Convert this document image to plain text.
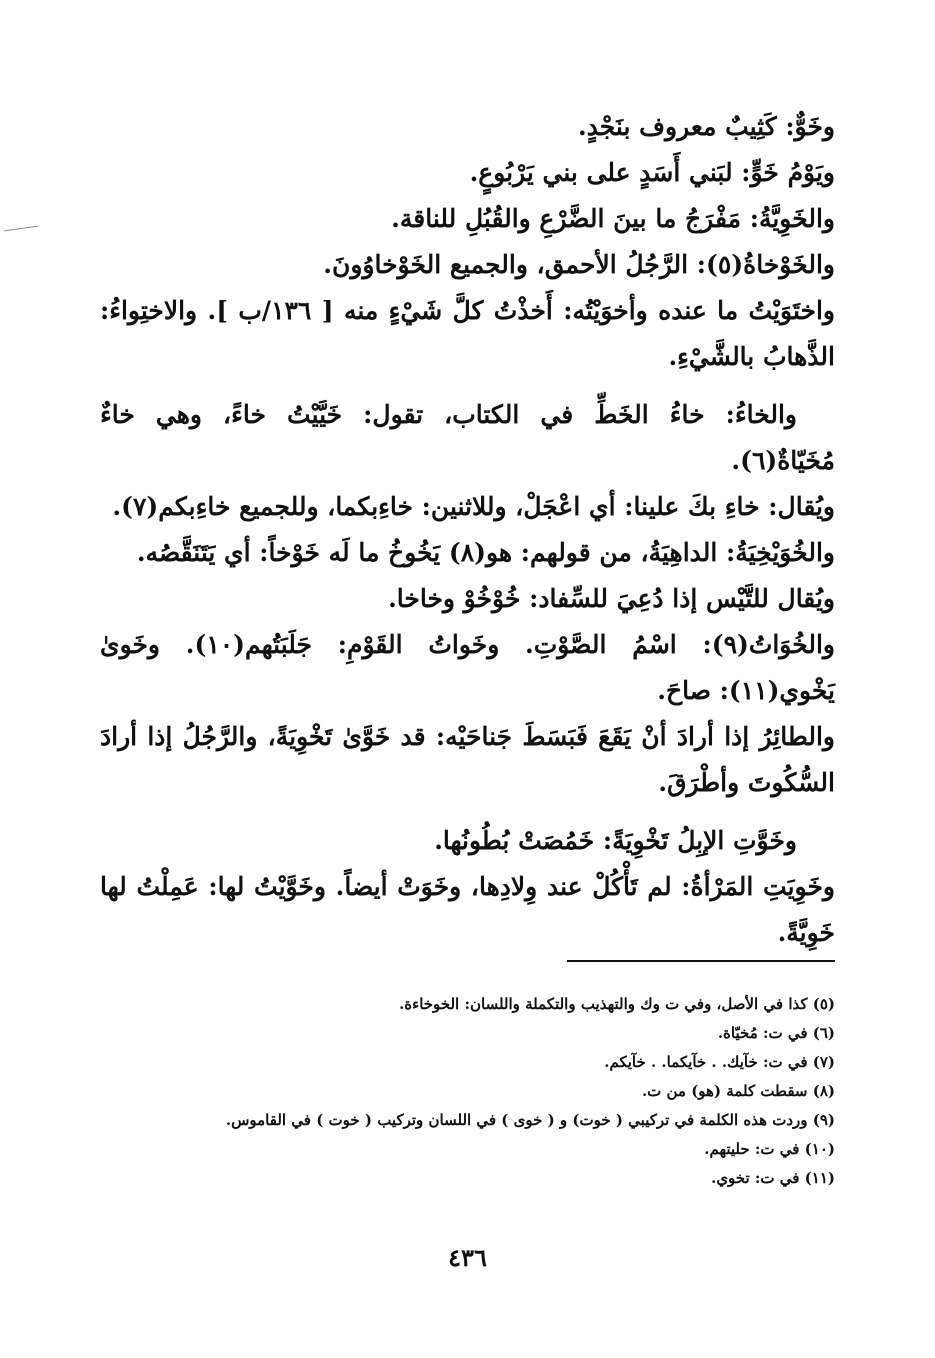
وخَوٌّ: كَثِيبٌ معروف بنَجْدٍ.

ويَوْمُ خَوٍّ: لبَني أَسَدٍ على بني يَرْبُوعٍ.

والخَوِيَّةُ: مَفْرَجُ ما بينَ الضَّرْعِ والقُبُلِ للناقة.

والخَوْخاةُ(٥): الرَّجُلُ الأحمق، والجميع الخَوْخاوُونَ.

واختَوَيْتُ ما عنده وأخوَيْتُه: أَخذْتُ كلَّ شَيْءٍ منه [ ١٣٦/ب ]. والاختِواءُ: الذَّهابُ بالشَّيْءِ.

والخاءُ: خاءُ الخَطِّ في الكتاب، تقول: خَيَّيْتُ خاءً، وهي خاءٌ مُخَيّاةٌ(٦).

ويُقال: خاءِ بكَ علينا: أي اعْجَلْ، وللاثنين: خاءِبكما، وللجميع خاءِبكم(٧).

والخُوَيْخِيَةُ: الداهِيَةُ، من قولهم: هو(٨) يَخُوخُ ما لَه خَوْخاً: أي يَتَنَقَّصُه.

ويُقال للتَّيْس إذا دُعِيَ للسِّفاد: خُوْخُوْ وخاخا.

والخُوَاتُ(٩): اسْمُ الصَّوْتِ. وخَواتُ القَوْمِ: جَلَبَتُهم(١٠). وخَوىٰ يَخْوي(١١): صاحَ.

والطائِرُ إذا أرادَ أنْ يَقَعَ فَبَسَطَ جَناحَيْه: قد خَوَّىٰ تَخْوِيَةً، والرَّجُلُ إذا أرادَ السُّكُوتَ وأطْرَقَ.

وخَوَّتِ الإبِلُ تَخْوِيَةً: خَمُصَتْ بُطُونُها.

وخَوِيَتِ المَرْأةُ: لم تَأْكُلْ عند وِلادِها، وخَوَتْ أيضاً. وخَوَّيْتُ لها: عَمِلْتُ لها خَوِيَّةً.

(٥) كذا في الأصل، وفي ت وك والتهذيب والتكملة واللسان: الخوخاءة.
(٦) في ت: مُخيّاة.
(٧) في ت: خآيك. . خآيكما. . خآيكم.
(٨) سقطت كلمة (هو) من ت.
(٩) وردت هذه الكلمة في تركيبي ( خوت) و ( خوى ) في اللسان وتركيب ( خوت ) في القاموس.
(١٠) في ت: حليتهم.
(١١) في ت: تخوي.
٤٣٦
